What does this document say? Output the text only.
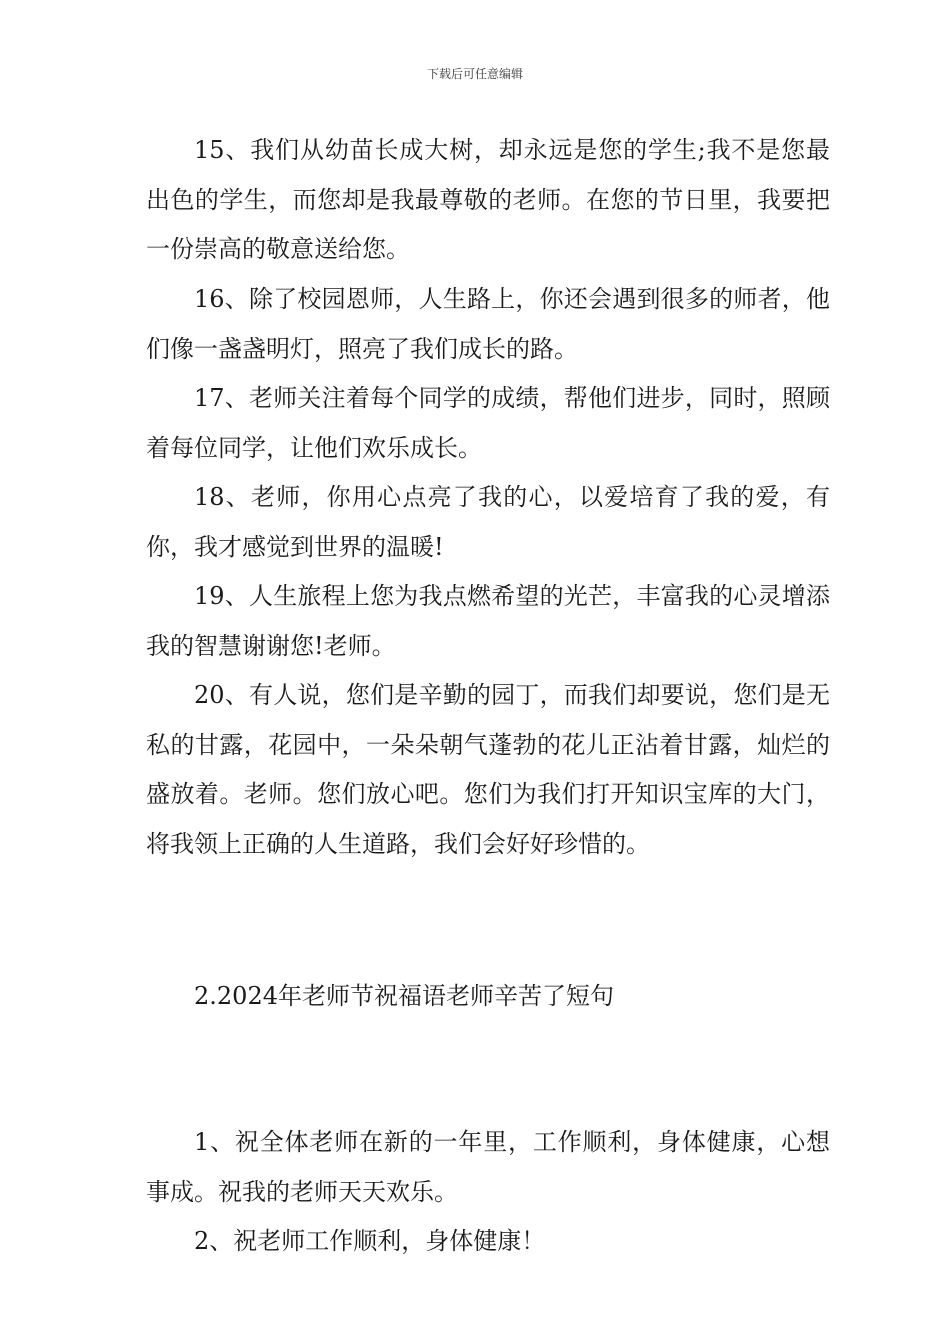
下载后可任意编辑

15、我们从幼苗长成大树，却永远是您的学生;我不是您最出色的学生，而您却是我最尊敬的老师。在您的节日里，我要把一份崇高的敬意送给您。

16、除了校园恩师，人生路上，你还会遇到很多的师者，他们像一盏盏明灯，照亮了我们成长的路。

17、老师关注着每个同学的成绩，帮他们进步，同时，照顾着每位同学，让他们欢乐成长。

18、老师，你用心点亮了我的心，以爱培育了我的爱，有你，我才感觉到世界的温暖!

19、人生旅程上您为我点燃希望的光芒，丰富我的心灵增添我的智慧谢谢您!老师。

20、有人说，您们是辛勤的园丁，而我们却要说，您们是无私的甘露，花园中，一朵朵朝气蓬勃的花儿正沾着甘露，灿烂的盛放着。老师。您们放心吧。您们为我们打开知识宝库的大门，将我领上正确的人生道路，我们会好好珍惜的。

2.2024年老师节祝福语老师辛苦了短句

1、祝全体老师在新的一年里，工作顺利，身体健康，心想事成。祝我的老师天天欢乐。

2、祝老师工作顺利，身体健康！
